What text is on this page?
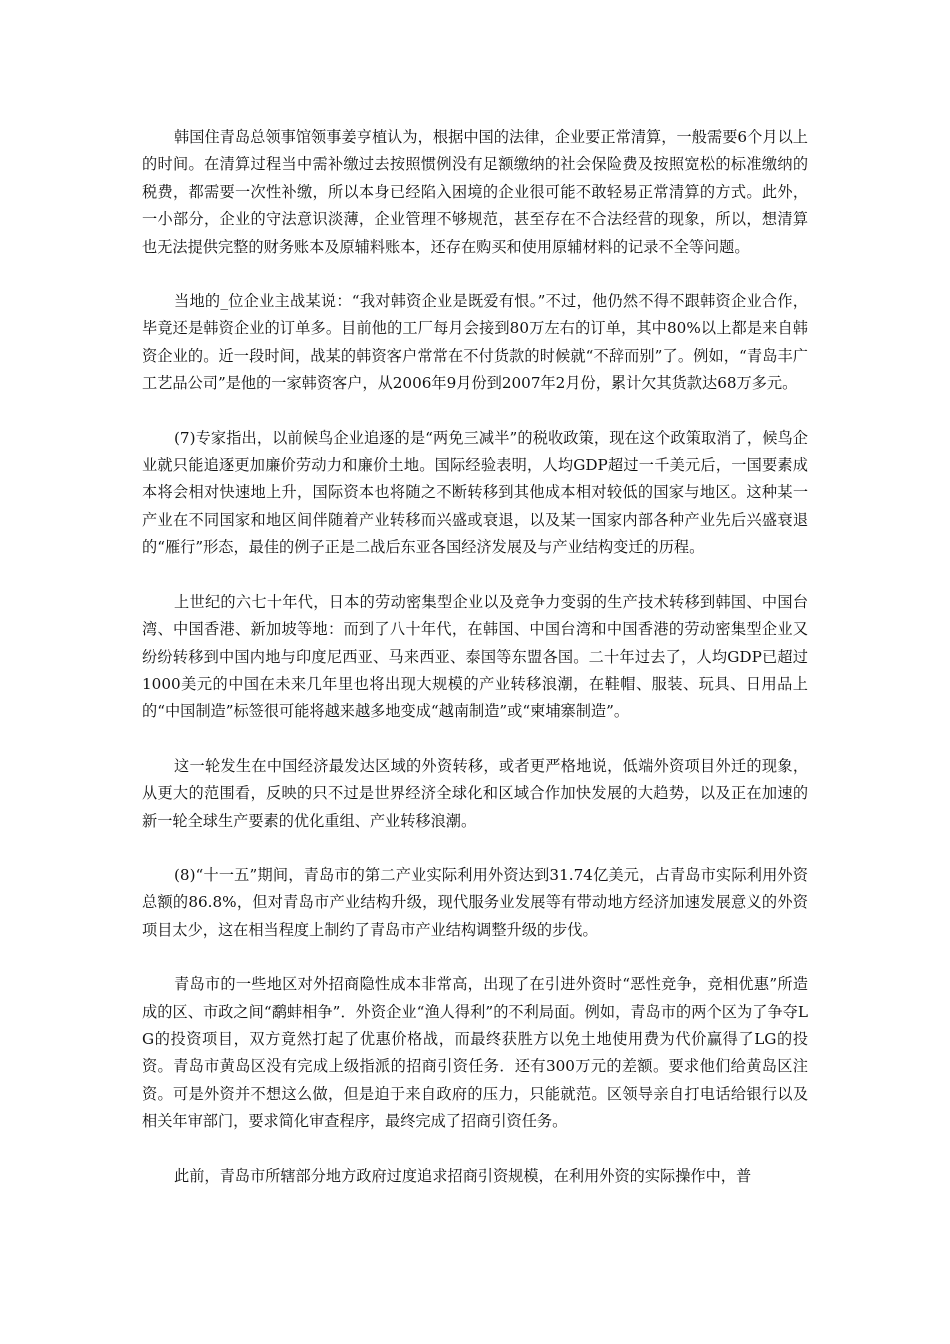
韩国住青岛总领事馆领事姜亨植认为，根据中国的法律，企业要正常清算，一般需要6个月以上的时间。在清算过程当中需补缴过去按照惯例没有足额缴纳的社会保险费及按照宽松的标准缴纳的税费，都需要一次性补缴，所以本身已经陷入困境的企业很可能不敢轻易正常清算的方式。此外，一小部分，企业的守法意识淡薄，企业管理不够规范，甚至存在不合法经营的现象，所以，想清算也无法提供完整的财务账本及原辅料账本，还存在购买和使用原辅材料的记录不全等问题。

当地的_位企业主战某说：“我对韩资企业是既爱有恨。”不过，他仍然不得不跟韩资企业合作，毕竟还是韩资企业的订单多。目前他的工厂每月会接到80万左右的订单，其中80%以上都是来自韩资企业的。近一段时间，战某的韩资客户常常在不付货款的时候就“不辞而别”了。例如，“青岛丰广工艺品公司”是他的一家韩资客户，从2006年9月份到2007年2月份，累计欠其货款达68万多元。

(7)专家指出，以前候鸟企业追逐的是“两免三减半”的税收政策，现在这个政策取消了，候鸟企业就只能追逐更加廉价劳动力和廉价土地。国际经验表明，人均GDP超过一千美元后，一国要素成本将会相对快速地上升，国际资本也将随之不断转移到其他成本相对较低的国家与地区。这种某一产业在不同国家和地区间伴随着产业转移而兴盛或衰退，以及某一国家内部各种产业先后兴盛衰退的“雁行”形态，最佳的例子正是二战后东亚各国经济发展及与产业结构变迁的历程。

上世纪的六七十年代，日本的劳动密集型企业以及竞争力变弱的生产技术转移到韩国、中国台湾、中国香港、新加坡等地：而到了八十年代，在韩国、中国台湾和中国香港的劳动密集型企业又纷纷转移到中国内地与印度尼西亚、马来西亚、泰国等东盟各国。二十年过去了，人均GDP已超过1000美元的中国在未来几年里也将出现大规模的产业转移浪潮，在鞋帽、服装、玩具、日用品上的“中国制造”标签很可能将越来越多地变成“越南制造”或“柬埔寨制造”。

这一轮发生在中国经济最发达区域的外资转移，或者更严格地说，低端外资项目外迁的现象，从更大的范围看，反映的只不过是世界经济全球化和区域合作加快发展的大趋势，以及正在加速的新一轮全球生产要素的优化重组、产业转移浪潮。

(8)“十一五”期间，青岛市的第二产业实际利用外资达到31.74亿美元，占青岛市实际利用外资总额的86.8%，但对青岛市产业结构升级，现代服务业发展等有带动地方经济加速发展意义的外资项目太少，这在相当程度上制约了青岛市产业结构调整升级的步伐。

青岛市的一些地区对外招商隐性成本非常高，出现了在引进外资时“恶性竞争，竞相优惠”所造成的区、市政之间“鹬蚌相争”．外资企业“渔人得利”的不利局面。例如，青岛市的两个区为了争夺LG的投资项目，双方竟然打起了优惠价格战，而最终获胜方以免土地使用费为代价赢得了LG的投资。青岛市黄岛区没有完成上级指派的招商引资任务．还有300万元的差额。要求他们给黄岛区注资。可是外资并不想这么做，但是迫于来自政府的压力，只能就范。区领导亲自打电话给银行以及相关年审部门，要求简化审查程序，最终完成了招商引资任务。

此前，青岛市所辖部分地方政府过度追求招商引资规模，在利用外资的实际操作中，普
